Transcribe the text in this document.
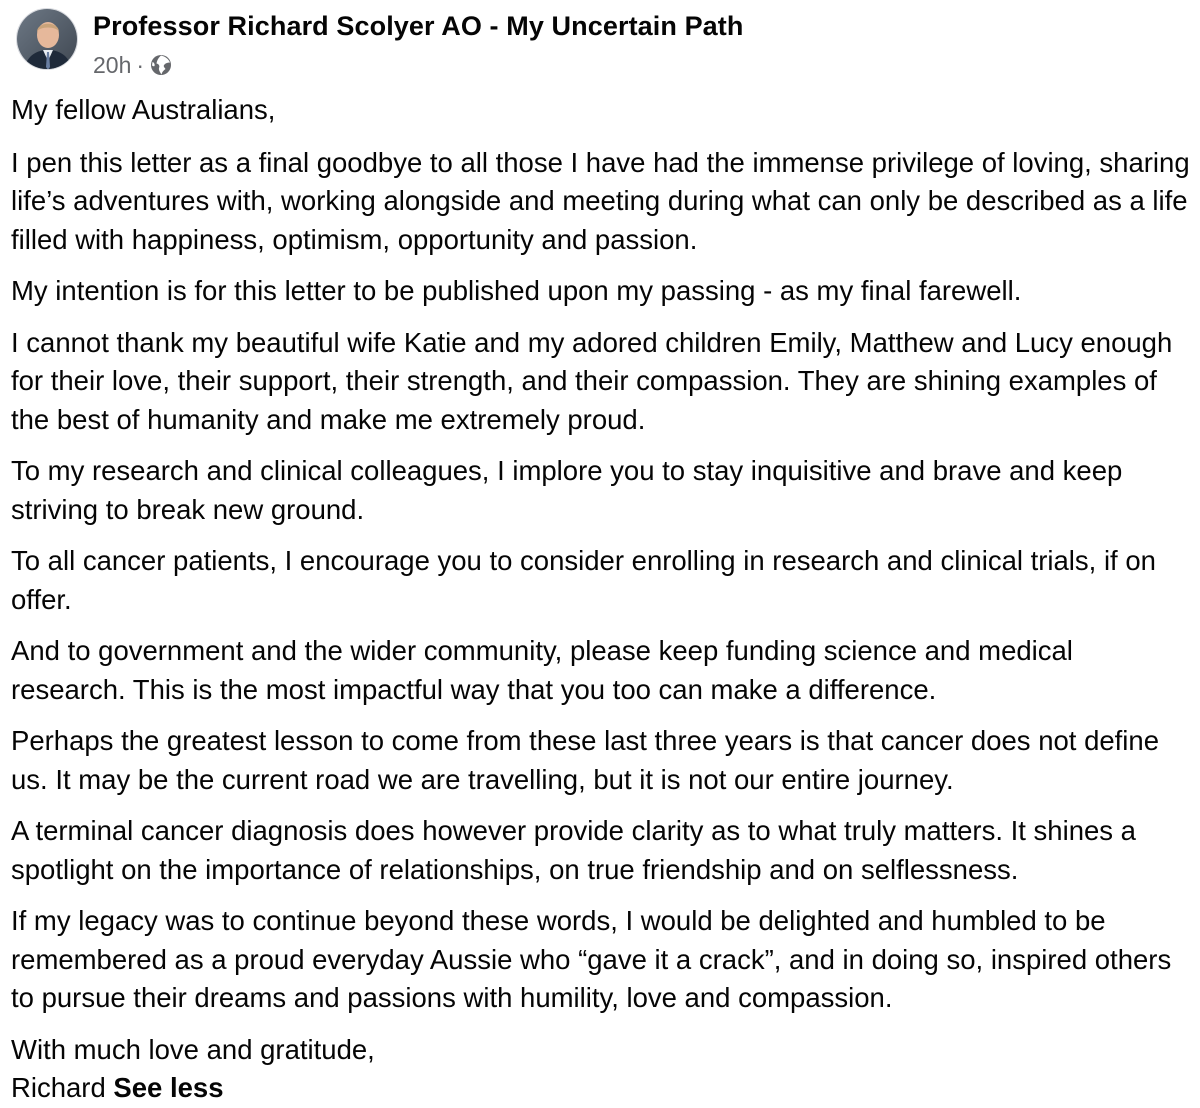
Professor Richard Scolyer AO - My Uncertain Path
20h ·

My fellow Australians,

I pen this letter as a final goodbye to all those I have had the immense privilege of loving, sharing life’s adventures with, working alongside and meeting during what can only be described as a life filled with happiness, optimism, opportunity and passion.

My intention is for this letter to be published upon my passing - as my final farewell.

I cannot thank my beautiful wife Katie and my adored children Emily, Matthew and Lucy enough for their love, their support, their strength, and their compassion. They are shining examples of the best of humanity and make me extremely proud.

To my research and clinical colleagues, I implore you to stay inquisitive and brave and keep striving to break new ground.

To all cancer patients, I encourage you to consider enrolling in research and clinical trials, if on offer.

And to government and the wider community, please keep funding science and medical research. This is the most impactful way that you too can make a difference.

Perhaps the greatest lesson to come from these last three years is that cancer does not define us. It may be the current road we are travelling, but it is not our entire journey.

A terminal cancer diagnosis does however provide clarity as to what truly matters. It shines a spotlight on the importance of relationships, on true friendship and on selflessness.

If my legacy was to continue beyond these words, I would be delighted and humbled to be remembered as a proud everyday Aussie who “gave it a crack”, and in doing so, inspired others to pursue their dreams and passions with humility, love and compassion.

With much love and gratitude,
Richard See less
